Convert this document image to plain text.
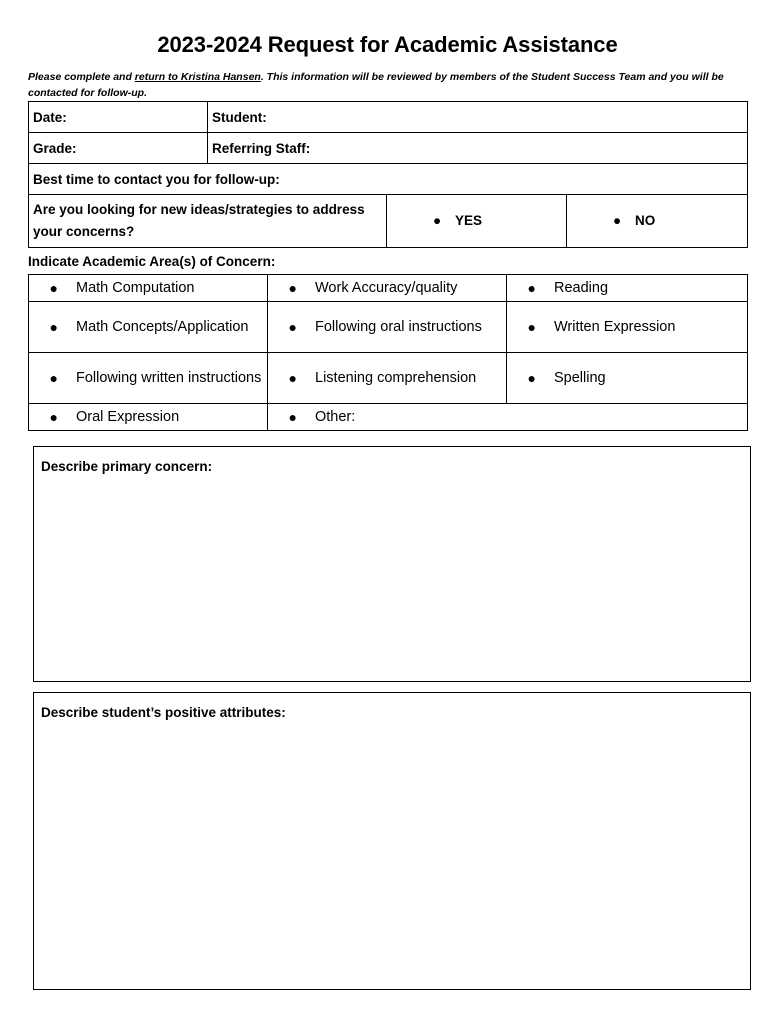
2023-2024 Request for Academic Assistance
Please complete and return to Kristina Hansen. This information will be reviewed by members of the Student Success Team and you will be contacted for follow-up.
Date:	Student:		
Grade:	Referring Staff:		
Best time to contact you for follow-up:			
Are you looking for new ideas/strategies to address your concerns?		● YES	● NO
Indicate Academic Area(s) of Concern:
● Math Computation	● Work Accuracy/quality	● Reading

● Math Concepts/Application	● Following oral instructions	● Written Expression

● Following written instructions	● Listening comprehension	● Spelling

● Oral Expression	● Other:	
Describe primary concern:
Describe student’s positive attributes:
